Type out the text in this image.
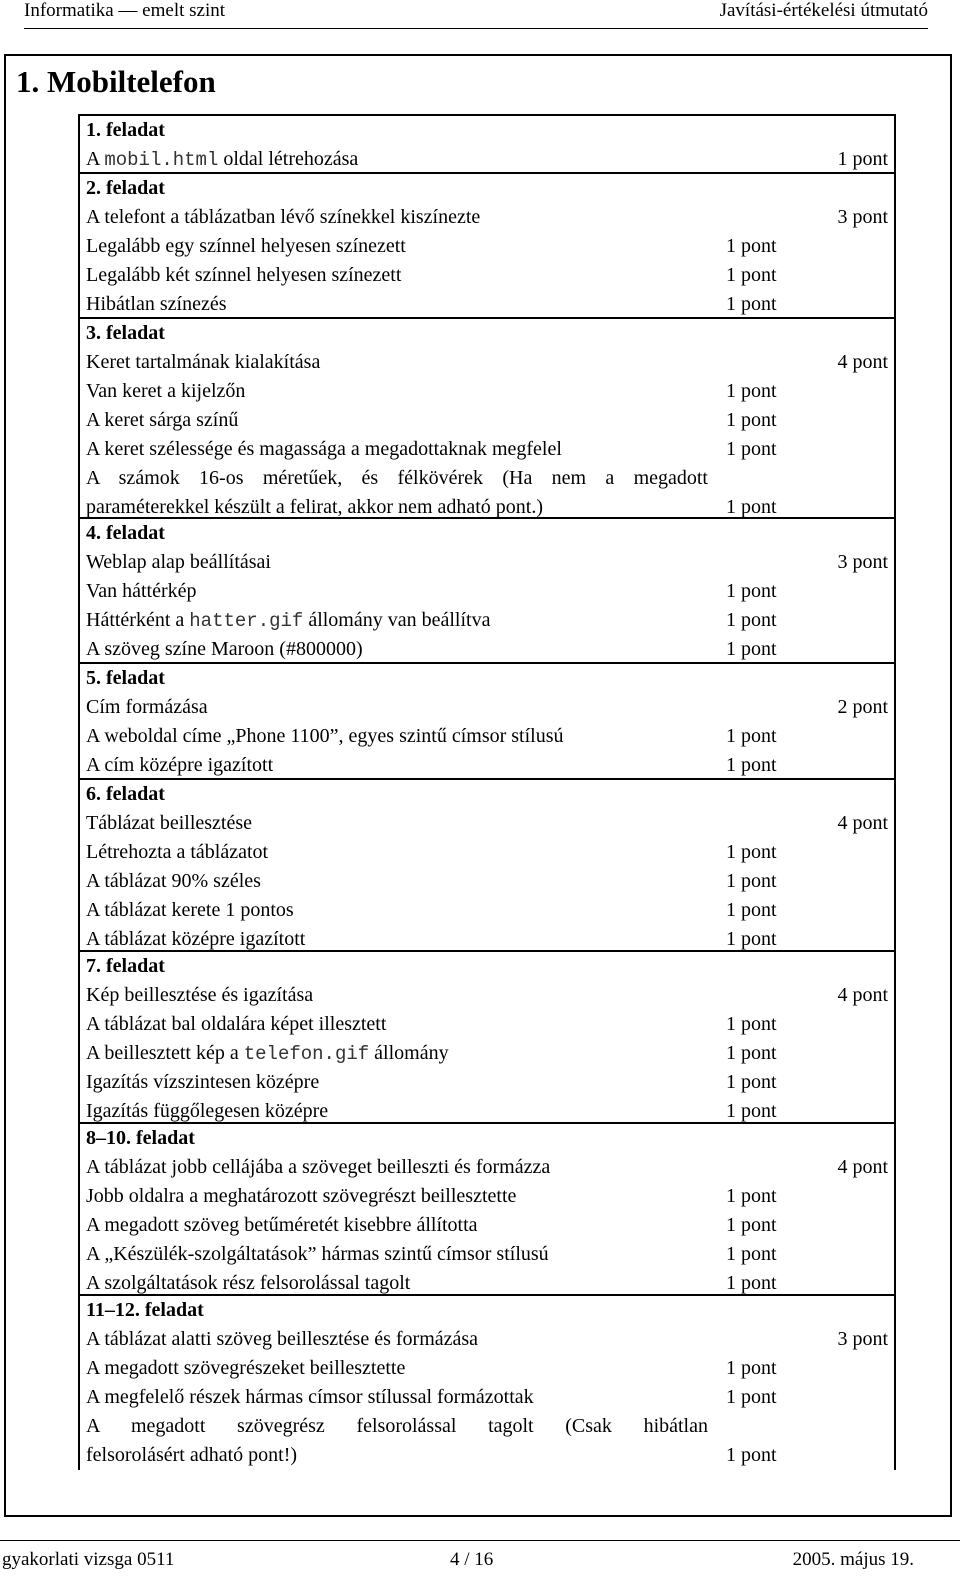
Informatika — emelt szint	Javítási-értékelési útmutató
1. Mobiltelefon
1. feladat
A mobil.html oldal létrehozása	1 pont
2. feladat
A telefont a táblázatban lévő színekkel kiszínezte	3 pont
Legalább egy színnel helyesen színezett	1 pont
Legalább két színnel helyesen színezett	1 pont
Hibátlan színezés	1 pont
3. feladat
Keret tartalmának kialakítása	4 pont
Van keret a kijelzőn	1 pont
A keret sárga színű	1 pont
A keret szélessége és magassága a megadottaknak megfelel	1 pont
A számok 16-os méretűek, és félkövérek (Ha nem a megadott
paraméterekkel készült a felirat, akkor nem adható pont.)	1 pont
4. feladat
Weblap alap beállításai	3 pont
Van háttérkép	1 pont
Háttérként a hatter.gif állomány van beállítva	1 pont
A szöveg színe Maroon (#800000)	1 pont
5. feladat
Cím formázása	2 pont
A weboldal címe „Phone 1100”, egyes szintű címsor stílusú	1 pont
A cím középre igazított	1 pont
6. feladat
Táblázat beillesztése	4 pont
Létrehozta a táblázatot	1 pont
A táblázat 90% széles	1 pont
A táblázat kerete 1 pontos	1 pont
A táblázat középre igazított	1 pont
7. feladat
Kép beillesztése és igazítása	4 pont
A táblázat bal oldalára képet illesztett	1 pont
A beillesztett kép a telefon.gif állomány	1 pont
Igazítás vízszintesen középre	1 pont
Igazítás függőlegesen középre	1 pont
8–10. feladat
A táblázat jobb cellájába a szöveget beilleszti és formázza	4 pont
Jobb oldalra a meghatározott szövegrészt beillesztette	1 pont
A megadott szöveg betűméretét kisebbre állította	1 pont
A „Készülék-szolgáltatások” hármas szintű címsor stílusú	1 pont
A szolgáltatások rész felsorolással tagolt	1 pont
11–12. feladat
A táblázat alatti szöveg beillesztése és formázása	3 pont
A megadott szövegrészeket beillesztette	1 pont
A megfelelő részek hármas címsor stílussal formázottak	1 pont
A megadott szövegrész felsorolással tagolt (Csak hibátlan
felsorolásért adható pont!)	1 pont
gyakorlati vizsga 0511	4 / 16	2005. május 19.
